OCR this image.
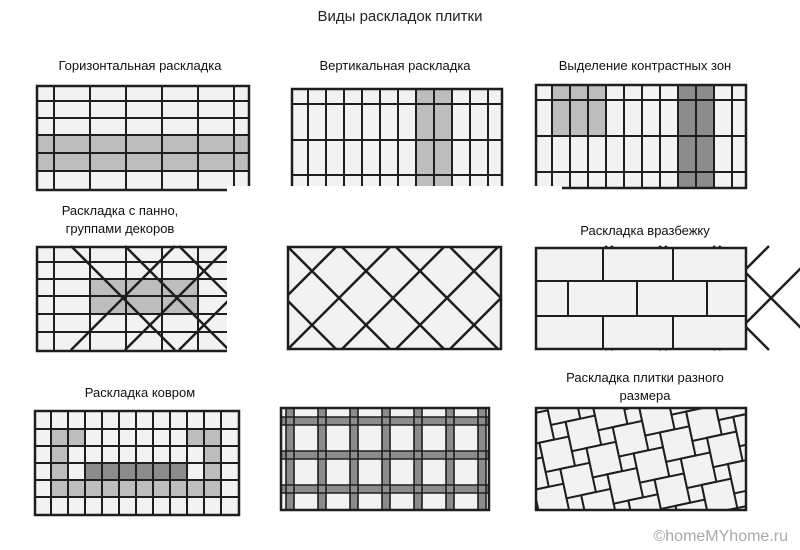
Виды раскладок плитки
Горизонтальная раскладка	Вертикальная раскладка	Выделение контрастных зон
Раскладка с панно,
группами декоров	Раскладка вразбежку
Раскладка ковром
Раскладка плитки разного
размера
©homeMYhome.ru
